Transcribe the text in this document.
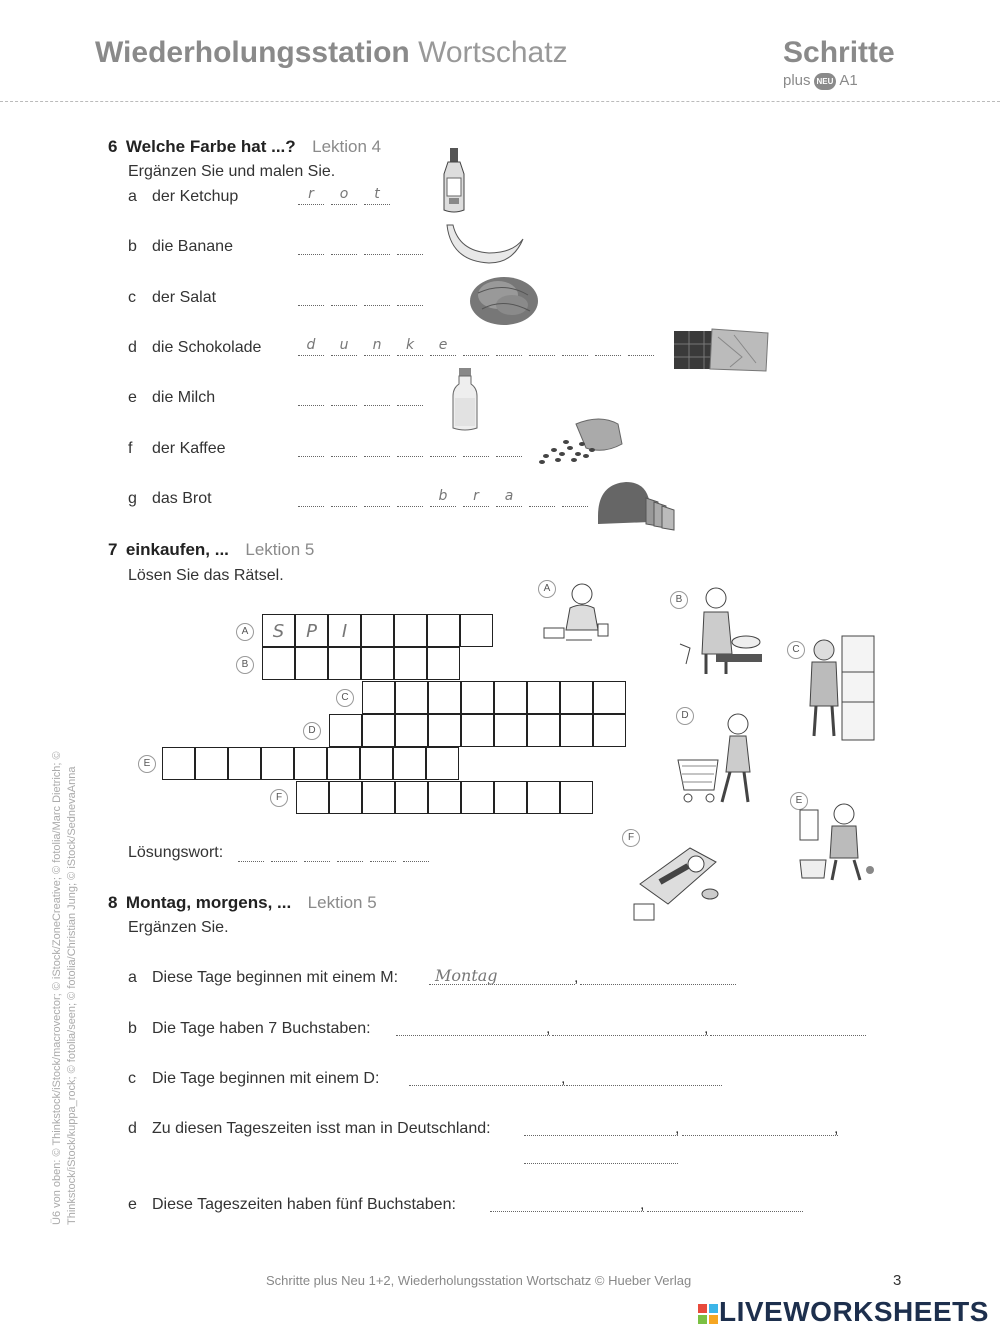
Wiederholungsstation Wortschatz	Schritte
plus NEU A1
6 Welche Farbe hat ...? Lektion 4
Ergänzen Sie und malen Sie.
a der Ketchup	r	o	t
b die Banane
c der Salat
d die Schokolade	d	u	n	k	e
e die Milch
f der Kaffee
g das Brot	b	r	a
7 einkaufen, ... Lektion 5
Lösen Sie das Rätsel.
A	S	P	I
B
C
D
E
F
Lösungswort:
A
B
C
D
E
F
8 Montag, morgens, ... Lektion 5
Ergänzen Sie.
a Diese Tage beginnen mit einem M:	Montag	,
b Die Tage haben 7 Buchstaben:	,	,
c Die Tage beginnen mit einem D:	,
d Zu diesen Tageszeiten isst man in Deutschland:	,	,
e Diese Tageszeiten haben fünf Buchstaben:	,
Ü6 von oben: © Thinkstock/iStock/macrovector; © iStock/ZoneCreative; © fotolia/Marc Dietrich; © Thinkstock/iStock/kuppa_rock; © fotolia/seen; © fotolia/Christian Jung; © iStock/SednevaAnna
Schritte plus Neu 1+2, Wiederholungsstation Wortschatz © Hueber Verlag	3
LIVEWORKSHEETS
